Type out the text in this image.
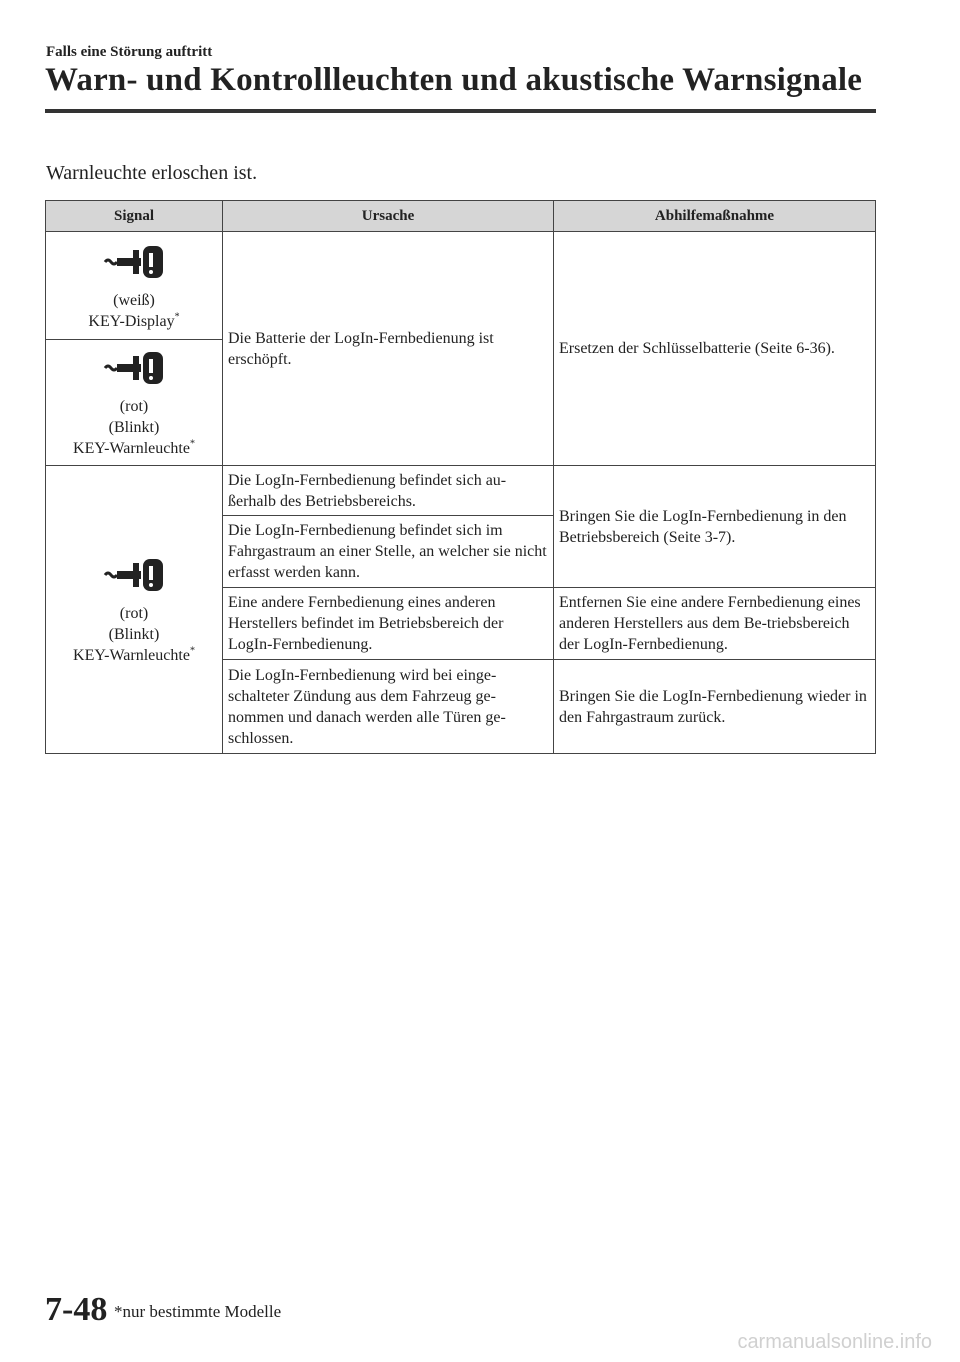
Falls eine Störung auftritt
Warn- und Kontrollleuchten und akustische Warnsignale
Warnleuchte erloschen ist.
Signal	Ursache	Abhilfemaßnahme

(weiß)
KEY-Display*	Die Batterie der LogIn-Fernbedienung ist erschöpft.	Ersetzen der Schlüsselbatterie (Seite 6-36).

(rot)
(Blinkt)
KEY-Warnleuchte*

(rot)
(Blinkt)
KEY-Warnleuchte*	Die LogIn-Fernbedienung befindet sich au-ßerhalb des Betriebsbereichs.	Bringen Sie die LogIn-Fernbedienung in den Betriebsbereich (Seite 3-7).
	Die LogIn-Fernbedienung befindet sich im Fahrgastraum an einer Stelle, an welcher sie nicht erfasst werden kann.	
	Eine andere Fernbedienung eines anderen Herstellers befindet im Betriebsbereich der LogIn-Fernbedienung.	Entfernen Sie eine andere Fernbedienung eines anderen Herstellers aus dem Be-triebsbereich der LogIn-Fernbedienung.
	Die LogIn-Fernbedienung wird bei einge-schalteter Zündung aus dem Fahrzeug ge-nommen und danach werden alle Türen ge-schlossen.	Bringen Sie die LogIn-Fernbedienung wieder in den Fahrgastraum zurück.
7-48 *nur bestimmte Modelle
carmanualsonline.info
